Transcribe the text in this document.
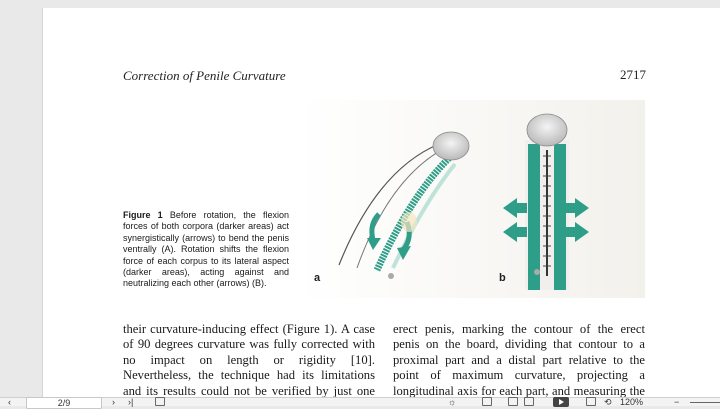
Correction of Penile Curvature	2717
a	b
Figure 1 Before rotation, the flexion forces of both corpora (darker areas) act synergistically (arrows) to bend the penis ventrally (A). Rotation shifts the flexion force of each corpus to its lateral aspect (darker areas), acting against and neutralizing each other (arrows) (B).
their curvature-inducing effect (Figure 1). A case of 90 degrees curvature was fully corrected with no impact on length or rigidity [10]. Nevertheless, the technique had its limitations and its results could not be verified by just one
erect penis, marking the contour of the erect penis on the board, dividing that contour to a proximal part and a distal part relative to the point of maximum curvature, projecting a longitudinal axis for each part, and measuring the
‹	2/9	› ›|	☼	⟲ 120%	−
